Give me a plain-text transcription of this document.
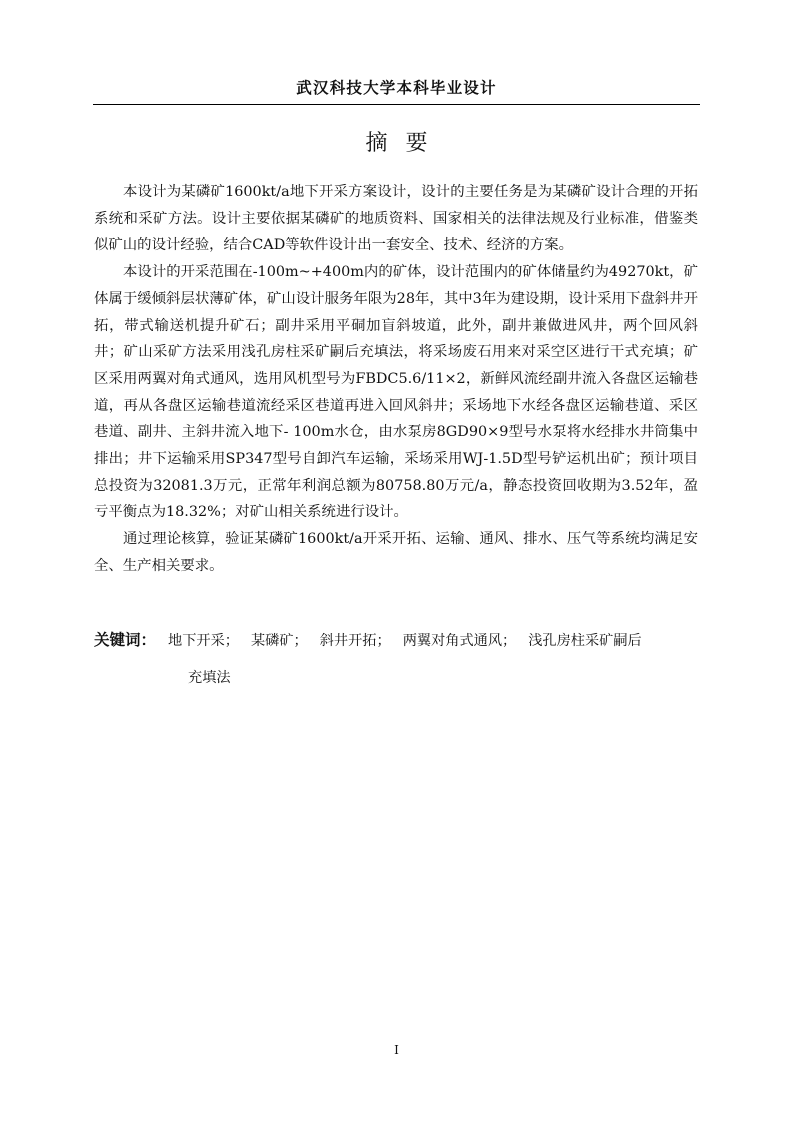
武汉科技大学本科毕业设计
摘要

本设计为某磷矿1600kt/a地下开采方案设计，设计的主要任务是为某磷矿设计合理的开拓系统和采矿方法。设计主要依据某磷矿的地质资料、国家相关的法律法规及行业标准，借鉴类似矿山的设计经验，结合CAD等软件设计出一套安全、技术、经济的方案。

本设计的开采范围在-100m~+400m内的矿体，设计范围内的矿体储量约为49270kt，矿体属于缓倾斜层状薄矿体，矿山设计服务年限为28年，其中3年为建设期，设计采用下盘斜井开拓，带式输送机提升矿石；副井采用平硐加盲斜坡道，此外，副井兼做进风井，两个回风斜井；矿山采矿方法采用浅孔房柱采矿嗣后充填法，将采场废石用来对采空区进行干式充填；矿区采用两翼对角式通风，选用风机型号为FBDC5.6/11×2，新鲜风流经副井流入各盘区运输巷道，再从各盘区运输巷道流经采区巷道再进入回风斜井；采场地下水经各盘区运输巷道、采区巷道、副井、主斜井流入地下- 100m水仓，由水泵房8GD90×9型号水泵将水经排水井筒集中排出；井下运输采用SP347型号自卸汽车运输，采场采用WJ-1.5D型号铲运机出矿；预计项目总投资为32081.3万元，正常年利润总额为80758.80万元/a，静态投资回收期为3.52年，盈亏平衡点为18.32%；对矿山相关系统进行设计。

通过理论核算，验证某磷矿1600kt/a开采开拓、运输、通风、排水、压气等系统均满足安全、生产相关要求。

关键词： 地下开采； 某磷矿； 斜井开拓； 两翼对角式通风； 浅孔房柱采矿嗣后
充填法
I
